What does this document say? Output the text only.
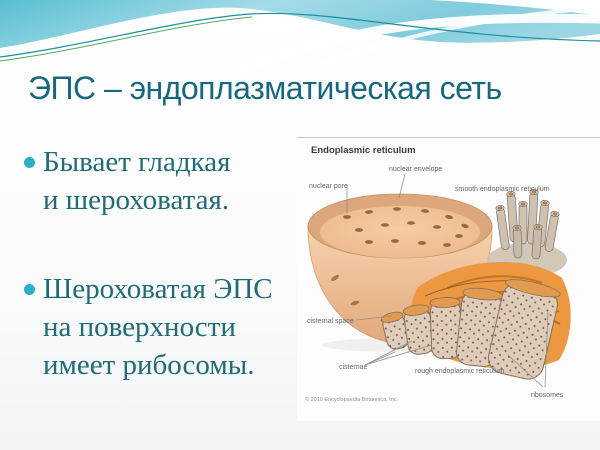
ЭПС – эндоплазматическая сеть
Бывает гладкая
и шероховатая.
Шероховатая ЭПС
на поверхности
имеет рибосомы.
Endoplasmic reticulum
nuclear pore
nuclear envelope
smooth endoplasmic reticulum
cisternal space
cisternae
rough endoplasmic reticulum
ribosomes
© 2010 Encyclopaedia Britannica, Inc.
